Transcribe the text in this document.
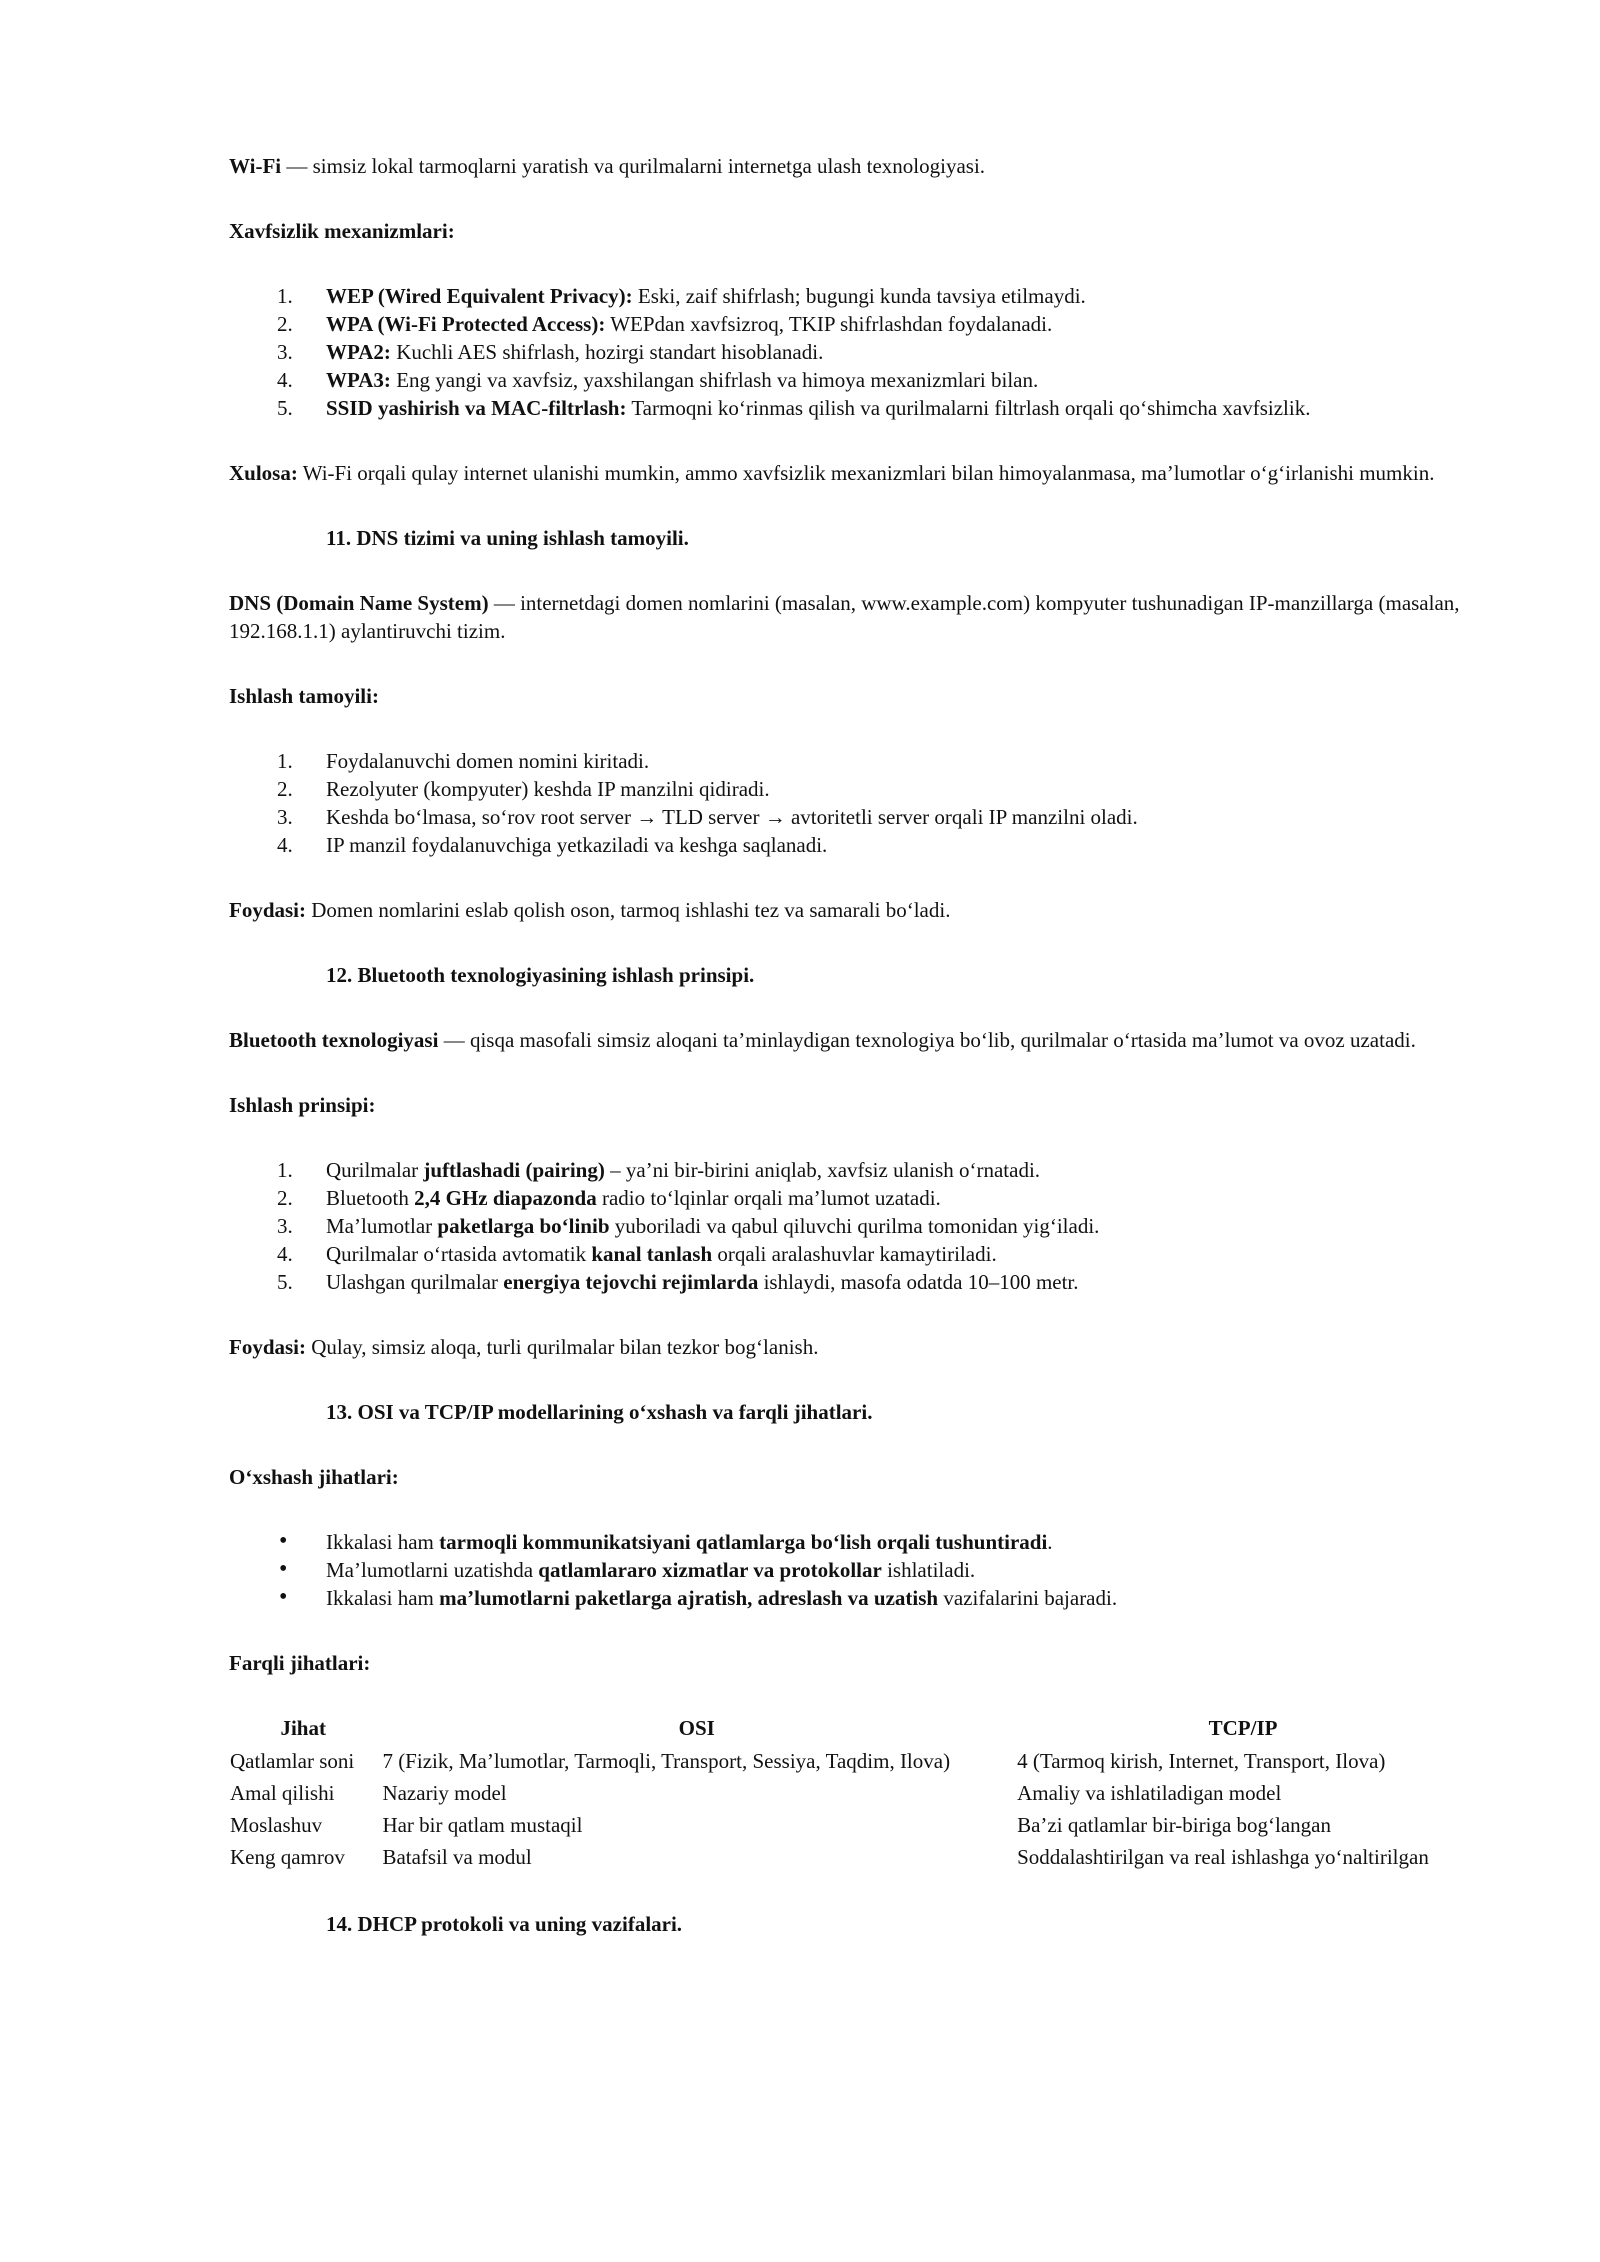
Wi-Fi — simsiz lokal tarmoqlarni yaratish va qurilmalarni internetga ulash texnologiyasi.

Xavfsizlik mexanizmlari:

1. WEP (Wired Equivalent Privacy): Eski, zaif shifrlash; bugungi kunda tavsiya etilmaydi.
2. WPA (Wi-Fi Protected Access): WEPdan xavfsizroq, TKIP shifrlashdan foydalanadi.
3. WPA2: Kuchli AES shifrlash, hozirgi standart hisoblanadi.
4. WPA3: Eng yangi va xavfsiz, yaxshilangan shifrlash va himoya mexanizmlari bilan.
5. SSID yashirish va MAC-filtrlash: Tarmoqni ko‘rinmas qilish va qurilmalarni filtrlash orqali qo‘shimcha xavfsizlik.

Xulosa: Wi-Fi orqali qulay internet ulanishi mumkin, ammo xavfsizlik mexanizmlari bilan himoyalanmasa, ma’lumotlar o‘g‘irlanishi mumkin.

11. DNS tizimi va uning ishlash tamoyili.

DNS (Domain Name System) — internetdagi domen nomlarini (masalan, www.example.com) kompyuter tushunadigan IP-manzillarga (masalan, 192.168.1.1) aylantiruvchi tizim.

Ishlash tamoyili:

1. Foydalanuvchi domen nomini kiritadi.
2. Rezolyuter (kompyuter) keshda IP manzilni qidiradi.
3. Keshda bo‘lmasa, so‘rov root server → TLD server → avtoritetli server orqali IP manzilni oladi.
4. IP manzil foydalanuvchiga yetkaziladi va keshga saqlanadi.

Foydasi: Domen nomlarini eslab qolish oson, tarmoq ishlashi tez va samarali bo‘ladi.

12. Bluetooth texnologiyasining ishlash prinsipi.

Bluetooth texnologiyasi — qisqa masofali simsiz aloqani ta’minlaydigan texnologiya bo‘lib, qurilmalar o‘rtasida ma’lumot va ovoz uzatadi.

Ishlash prinsipi:

1. Qurilmalar juftlashadi (pairing) – ya’ni bir-birini aniqlab, xavfsiz ulanish o‘rnatadi.
2. Bluetooth 2,4 GHz diapazonda radio to‘lqinlar orqali ma’lumot uzatadi.
3. Ma’lumotlar paketlarga bo‘linib yuboriladi va qabul qiluvchi qurilma tomonidan yig‘iladi.
4. Qurilmalar o‘rtasida avtomatik kanal tanlash orqali aralashuvlar kamaytiriladi.
5. Ulashgan qurilmalar energiya tejovchi rejimlarda ishlaydi, masofa odatda 10–100 metr.

Foydasi: Qulay, simsiz aloqa, turli qurilmalar bilan tezkor bog‘lanish.

13. OSI va TCP/IP modellarining o‘xshash va farqli jihatlari.

O‘xshash jihatlari:

• Ikkalasi ham tarmoqli kommunikatsiyani qatlamlarga bo‘lish orqali tushuntiradi.
• Ma’lumotlarni uzatishda qatlamlararo xizmatlar va protokollar ishlatiladi.
• Ikkalasi ham ma’lumotlarni paketlarga ajratish, adreslash va uzatish vazifalarini bajaradi.

Farqli jihatlari:

Jihat	OSI	TCP/IP
Qatlamlar soni	7 (Fizik, Ma’lumotlar, Tarmoqli, Transport, Sessiya, Taqdim, Ilova)	4 (Tarmoq kirish, Internet, Transport, Ilova)
Amal qilishi	Nazariy model	Amaliy va ishlatiladigan model
Moslashuv	Har bir qatlam mustaqil	Ba’zi qatlamlar bir-biriga bog‘langan
Keng qamrov	Batafsil va modul	Soddalashtirilgan va real ishlashga yo‘naltirilgan

14. DHCP protokoli va uning vazifalari.
